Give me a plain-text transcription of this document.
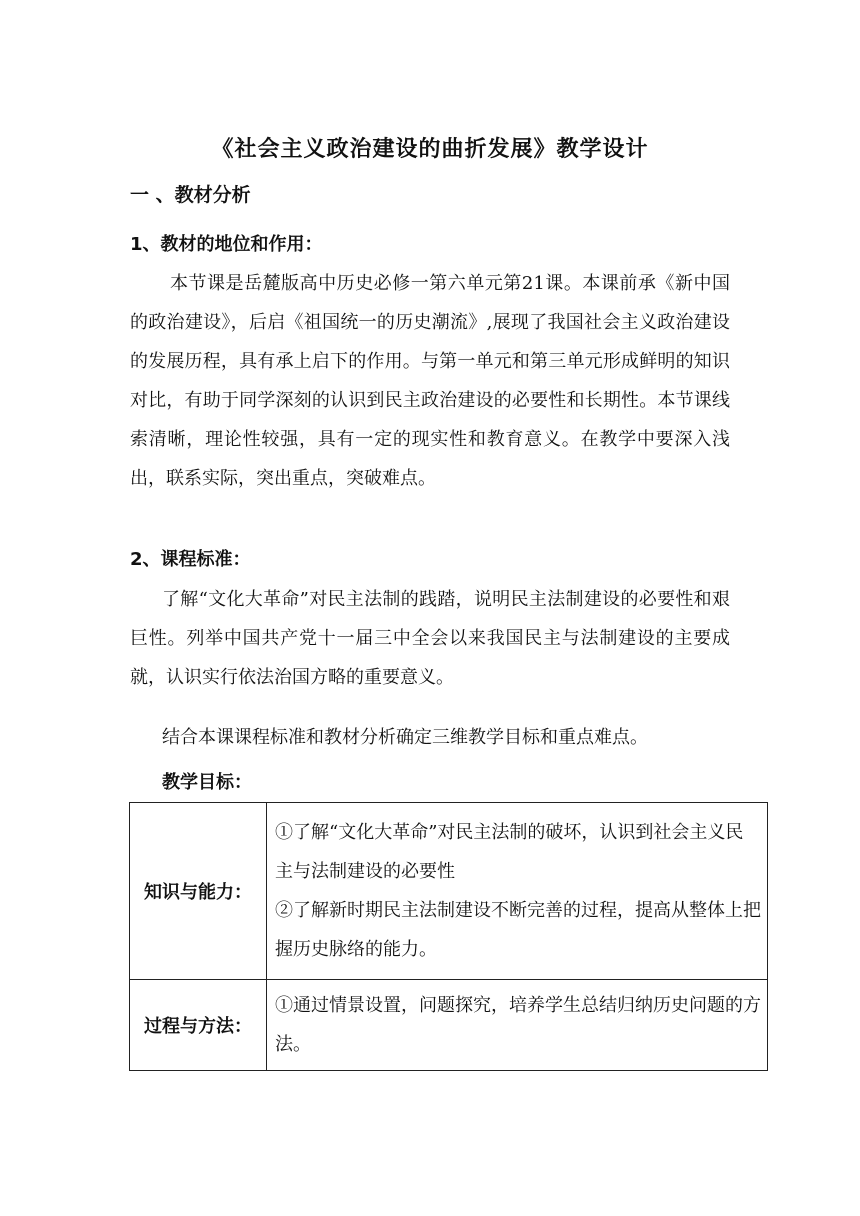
《社会主义政治建设的曲折发展》教学设计
一 、教材分析
1、教材的地位和作用：
本节课是岳麓版高中历史必修一第六单元第21课。本课前承《新中国的政治建设》，后启《祖国统一的历史潮流》,展现了我国社会主义政治建设的发展历程，具有承上启下的作用。与第一单元和第三单元形成鲜明的知识对比，有助于同学深刻的认识到民主政治建设的必要性和长期性。本节课线索清晰，理论性较强，具有一定的现实性和教育意义。在教学中要深入浅出，联系实际，突出重点，突破难点。
2、课程标准：
了解“文化大革命”对民主法制的践踏，说明民主法制建设的必要性和艰巨性。列举中国共产党十一届三中全会以来我国民主与法制建设的主要成就，认识实行依法治国方略的重要意义。
结合本课课程标准和教材分析确定三维教学目标和重点难点。
教学目标：
知识与能力：	①了解“文化大革命”对民主法制的破坏，认识到社会主义民主与法制建设的必要性
②了解新时期民主法制建设不断完善的过程，提高从整体上把握历史脉络的能力。

过程与方法：	①通过情景设置，问题探究，培养学生总结归纳历史问题的方法。
